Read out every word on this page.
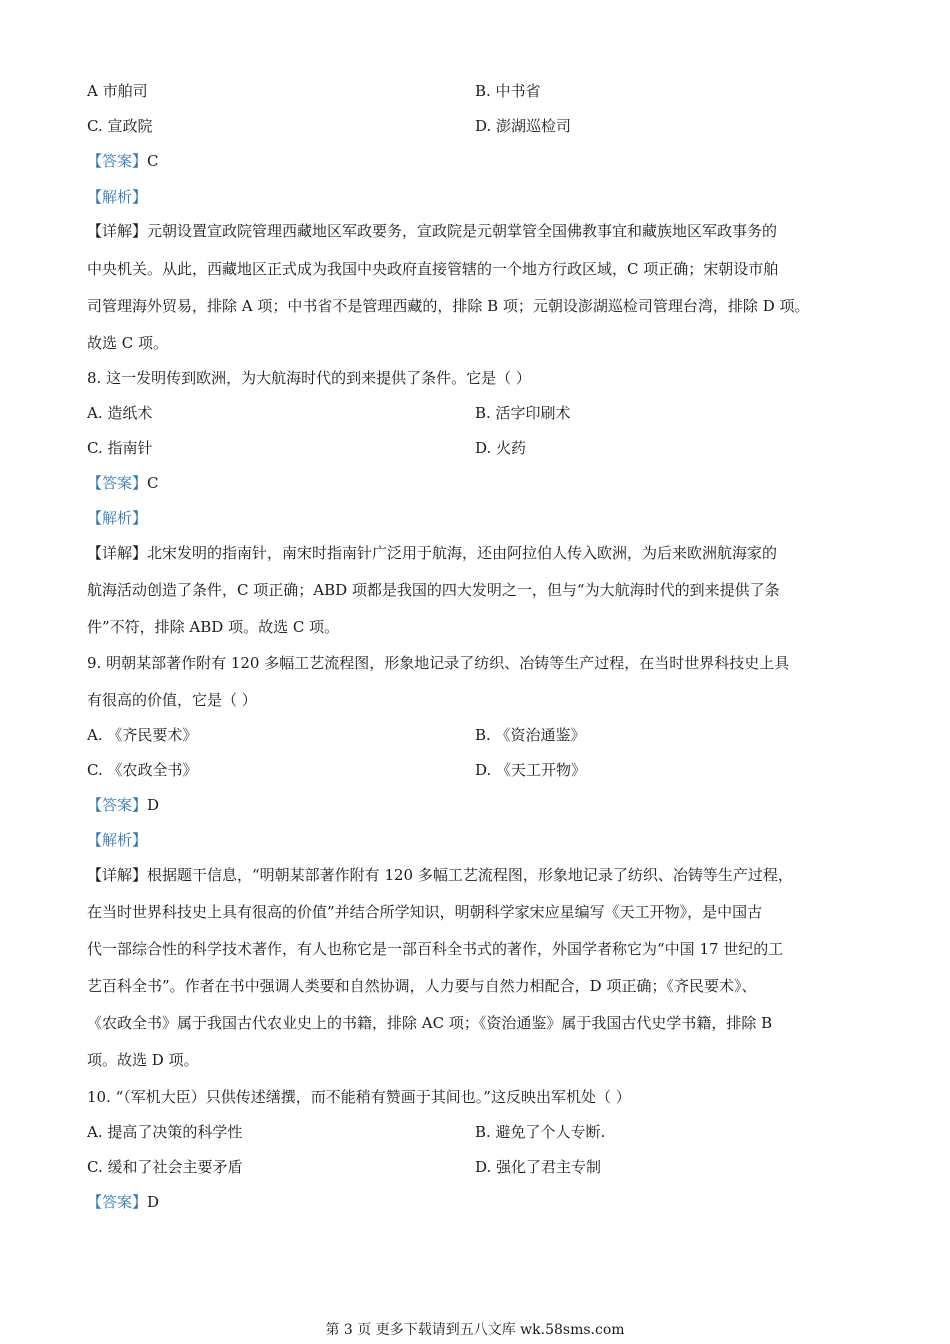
A 市舶司	B. 中书省
C. 宣政院	D. 澎湖巡检司
【答案】C
【解析】
【详解】元朝设置宣政院管理西藏地区军政要务，宣政院是元朝掌管全国佛教事宜和藏族地区军政事务的
中央机关。从此，西藏地区正式成为我国中央政府直接管辖的一个地方行政区域，C 项正确；宋朝设市舶
司管理海外贸易，排除 A 项；中书省不是管理西藏的，排除 B 项；元朝设澎湖巡检司管理台湾，排除 D 项。
故选 C 项。
8. 这一发明传到欧洲，为大航海时代的到来提供了条件。它是（ ）
A. 造纸术	B. 活字印刷术
C. 指南针	D. 火药
【答案】C
【解析】
【详解】北宋发明的指南针，南宋时指南针广泛用于航海，还由阿拉伯人传入欧洲，为后来欧洲航海家的
航海活动创造了条件，C 项正确；ABD 项都是我国的四大发明之一，但与“为大航海时代的到来提供了条
件”不符，排除 ABD 项。故选 C 项。
9. 明朝某部著作附有 120 多幅工艺流程图，形象地记录了纺织、冶铸等生产过程，在当时世界科技史上具
有很高的价值，它是（ ）
A. 《齐民要术》	B. 《资治通鉴》
C. 《农政全书》	D. 《天工开物》
【答案】D
【解析】
【详解】根据题干信息，“明朝某部著作附有 120 多幅工艺流程图，形象地记录了纺织、冶铸等生产过程，
在当时世界科技史上具有很高的价值”并结合所学知识，明朝科学家宋应星编写《天工开物》，是中国古
代一部综合性的科学技术著作，有人也称它是一部百科全书式的著作，外国学者称它为“中国 17 世纪的工
艺百科全书”。作者在书中强调人类要和自然协调，人力要与自然力相配合，D 项正确；《齐民要术》、
《农政全书》属于我国古代农业史上的书籍，排除 AC 项；《资治通鉴》属于我国古代史学书籍，排除 B
项。故选 D 项。
10. “（军机大臣）只供传述缮撰，而不能稍有赞画于其间也。”这反映出军机处（ ）
A. 提高了决策的科学性	B. 避免了个人专断.
C. 缓和了社会主要矛盾	D. 强化了君主专制
【答案】D
第 3 页 更多下载请到五八文库 wk.58sms.com
